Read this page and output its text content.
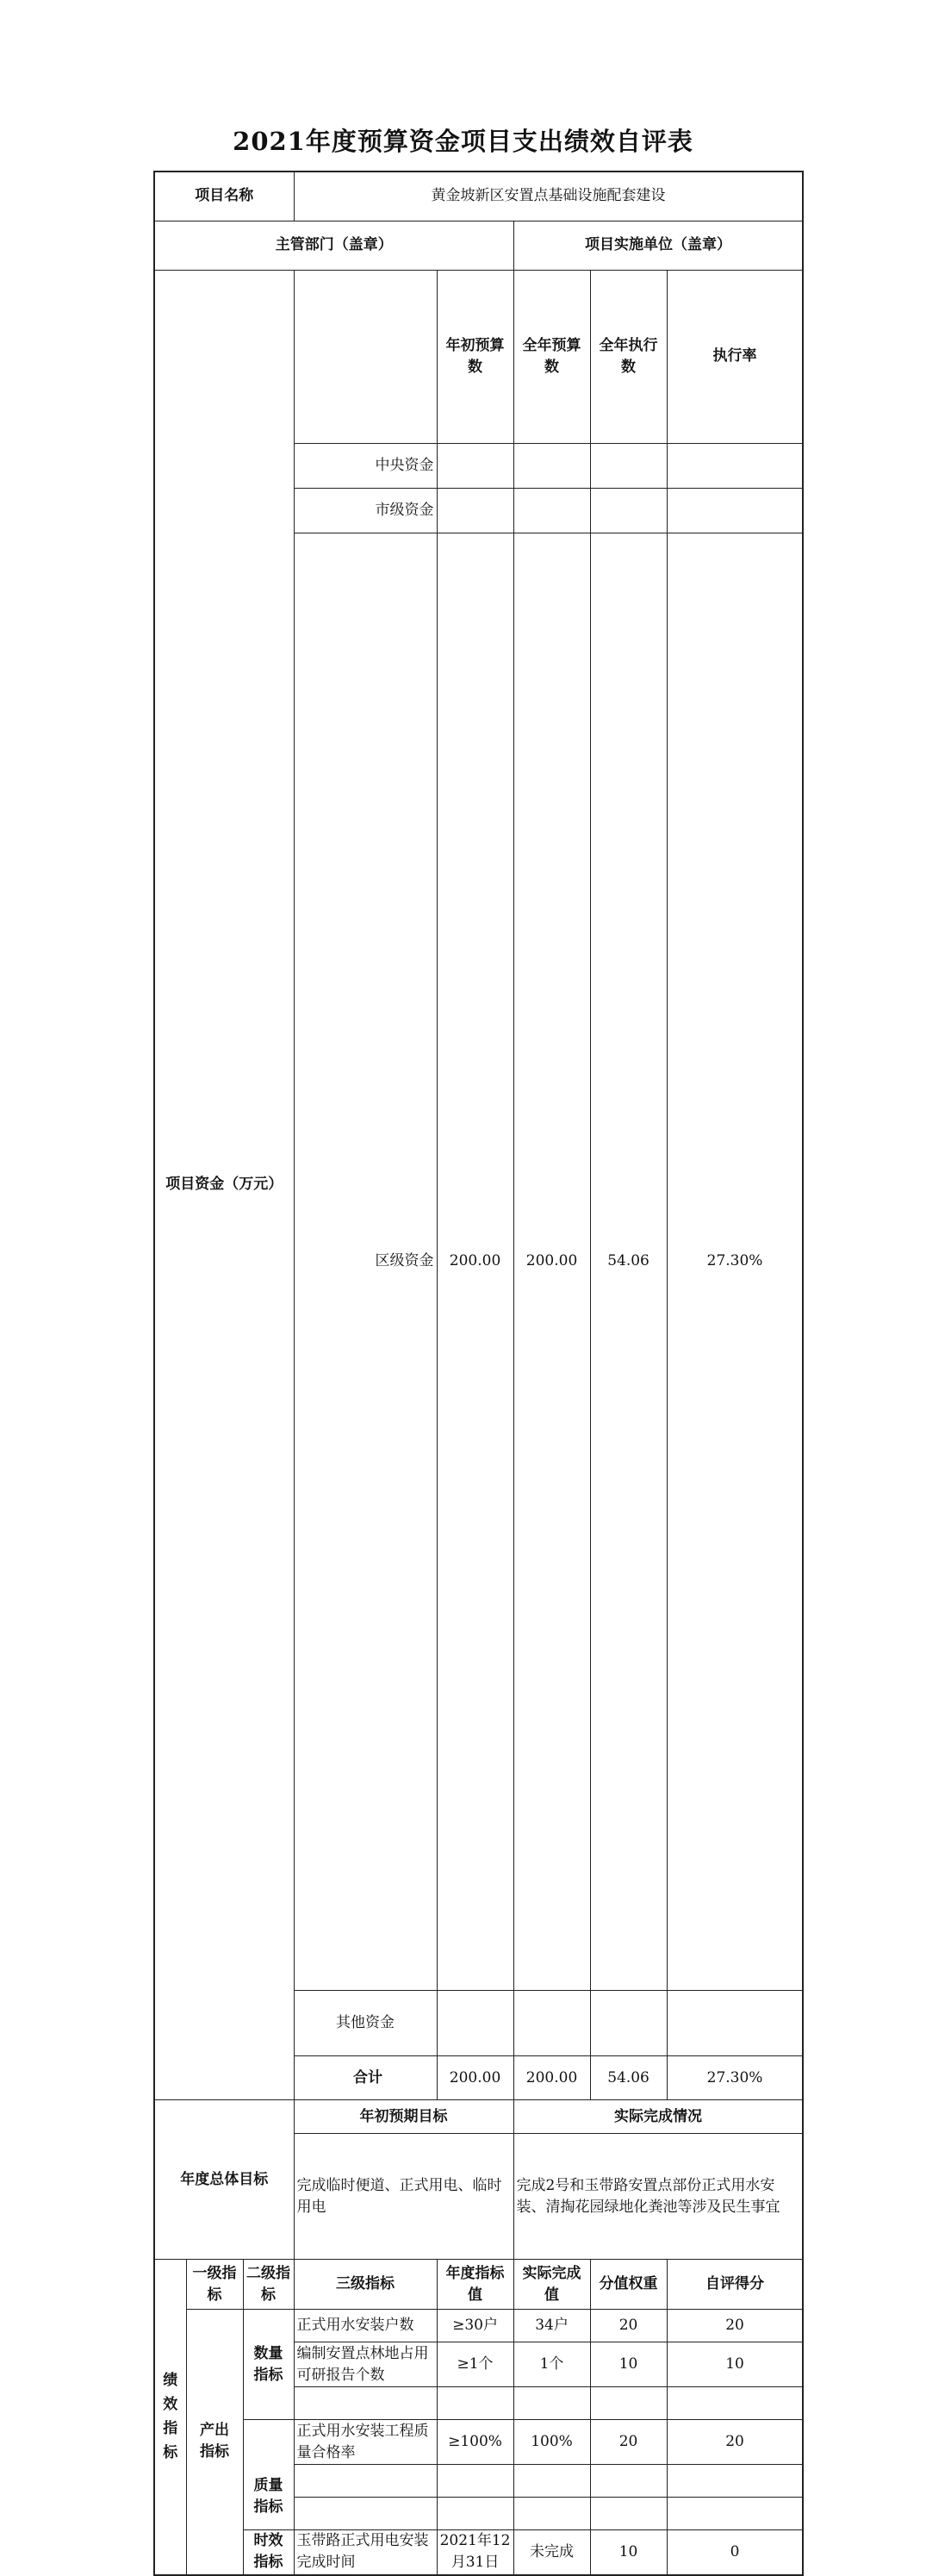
2021年度预算资金项目支出绩效自评表
项目名称			黄金坡新区安置点基础设施配套建设					
主管部门（盖章）					项目实施单位（盖章）			
项目资金（万元）				年初预算数	全年预算数	全年执行数	执行率	
			中央资金					
			市级资金					
			区级资金	200.00	200.00	54.06	27.30%	
			其他资金					
			合计	200.00	200.00	54.06	27.30%	
年度总体目标			年初预期目标		实际完成情况			
			完成临时便道、正式用电、临时用电		完成2号和玉带路安置点部份正式用水安装、清掏花园绿地化粪池等涉及民生事宜			
绩效指标	一级指标	二级指标	三级指标	年度指标值	实际完成值	分值权重	自评得分	
	产出指标	数量指标	正式用水安装户数	≥30户	34户	20	20	
			编制安置点林地占用可研报告个数	≥1个	1个	10	10	

		质量指标	正式用水安装工程质量合格率	≥100%	100%	20	20	

		时效指标	玉带路正式用电安装完成时间	2021年12月31日	未完成	10	0	
